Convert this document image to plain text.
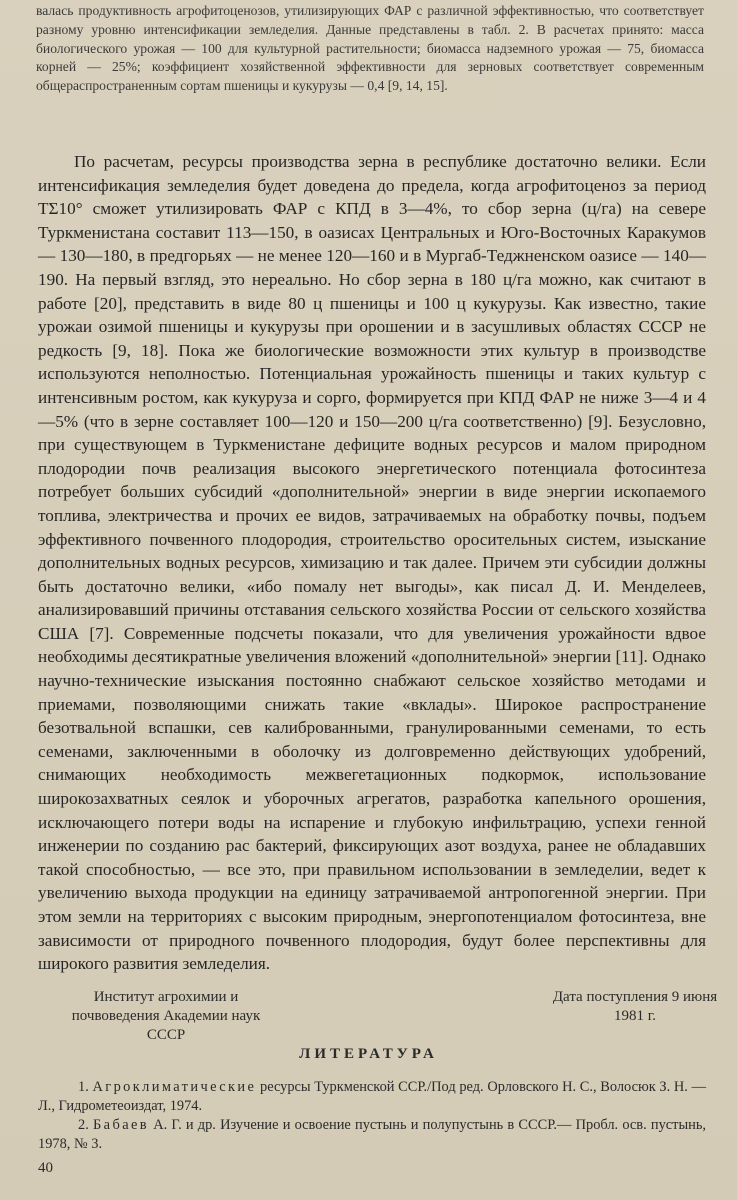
валась продуктивность агрофитоценозов, утилизирующих ФАР с различной эффективностью, что соответствует разному уровню интенсификации земледелия. Данные представлены в табл. 2. В расчетах принято: масса биологического урожая — 100 для культурной растительности; биомасса надземного урожая — 75, биомасса корней — 25%; коэффициент хозяйственной эффективности для зерновых соответствует современным общераспространенным сортам пшеницы и кукурузы — 0,4 [9, 14, 15].

По расчетам, ресурсы производства зерна в республике достаточно велики. Если интенсификация земледелия будет доведена до предела, когда агрофитоценоз за период TΣ10° сможет утилизировать ФАР с КПД в 3—4%, то сбор зерна (ц/га) на севере Туркменистана составит 113—150, в оазисах Центральных и Юго-Восточных Каракумов — 130—180, в предгорьях — не менее 120—160 и в Мургаб-Теджненском оазисе — 140—190. На первый взгляд, это нереально. Но сбор зерна в 180 ц/га можно, как считают в работе [20], представить в виде 80 ц пшеницы и 100 ц кукурузы. Как известно, такие урожаи озимой пшеницы и кукурузы при орошении и в засушливых областях СССР не редкость [9, 18]. Пока же биологические возможности этих культур в производстве используются неполностью. Потенциальная урожайность пшеницы и таких культур с интенсивным ростом, как кукуруза и сорго, формируется при КПД ФАР не ниже 3—4 и 4—5% (что в зерне составляет 100—120 и 150—200 ц/га соответственно) [9]. Безусловно, при существующем в Туркменистане дефиците водных ресурсов и малом природном плодородии почв реализация высокого энергетического потенциала фотосинтеза потребует больших субсидий «дополнительной» энергии в виде энергии ископаемого топлива, электричества и прочих ее видов, затрачиваемых на обработку почвы, подъем эффективного почвенного плодородия, строительство оросительных систем, изыскание дополнительных водных ресурсов, химизацию и так далее. Причем эти субсидии должны быть достаточно велики, «ибо помалу нет выгоды», как писал Д. И. Менделеев, анализировавший причины отставания сельского хозяйства России от сельского хозяйства США [7]. Современные подсчеты показали, что для увеличения урожайности вдвое необходимы десятикратные увеличения вложений «дополнительной» энергии [11]. Однако научно-технические изыскания постоянно снабжают сельское хозяйство методами и приемами, позволяющими снижать такие «вклады». Широкое распространение безотвальной вспашки, сев калиброванными, гранулированными семенами, то есть семенами, заключенными в оболочку из долговременно действующих удобрений, снимающих необходимость межвегетационных подкормок, использование широкозахватных сеялок и уборочных агрегатов, разработка капельного орошения, исключающего потери воды на испарение и глубокую инфильтрацию, успехи генной инженерии по созданию рас бактерий, фиксирующих азот воздуха, ранее не обладавших такой способностью, — все это, при правильном использовании в земледелии, ведет к увеличению выхода продукции на единицу затрачиваемой антропогенной энергии. При этом земли на территориях с высоким природным, энергопотенциалом фотосинтеза, вне зависимости от природного почвенного плодородия, будут более перспективны для широкого развития земледелия.

Институт агрохимии и почвоведения Академии наук СССР
Дата поступления 9 июня 1981 г.
ЛИТЕРАТУРА

1. Агроклиматические ресурсы Туркменской ССР./Под ред. Орловского Н. С., Волосюк З. Н. — Л., Гидрометеоиздат, 1974.

2. Бабаев А. Г. и др. Изучение и освоение пустынь и полупустынь в СССР.— Пробл. осв. пустынь, 1978, № 3.

40
